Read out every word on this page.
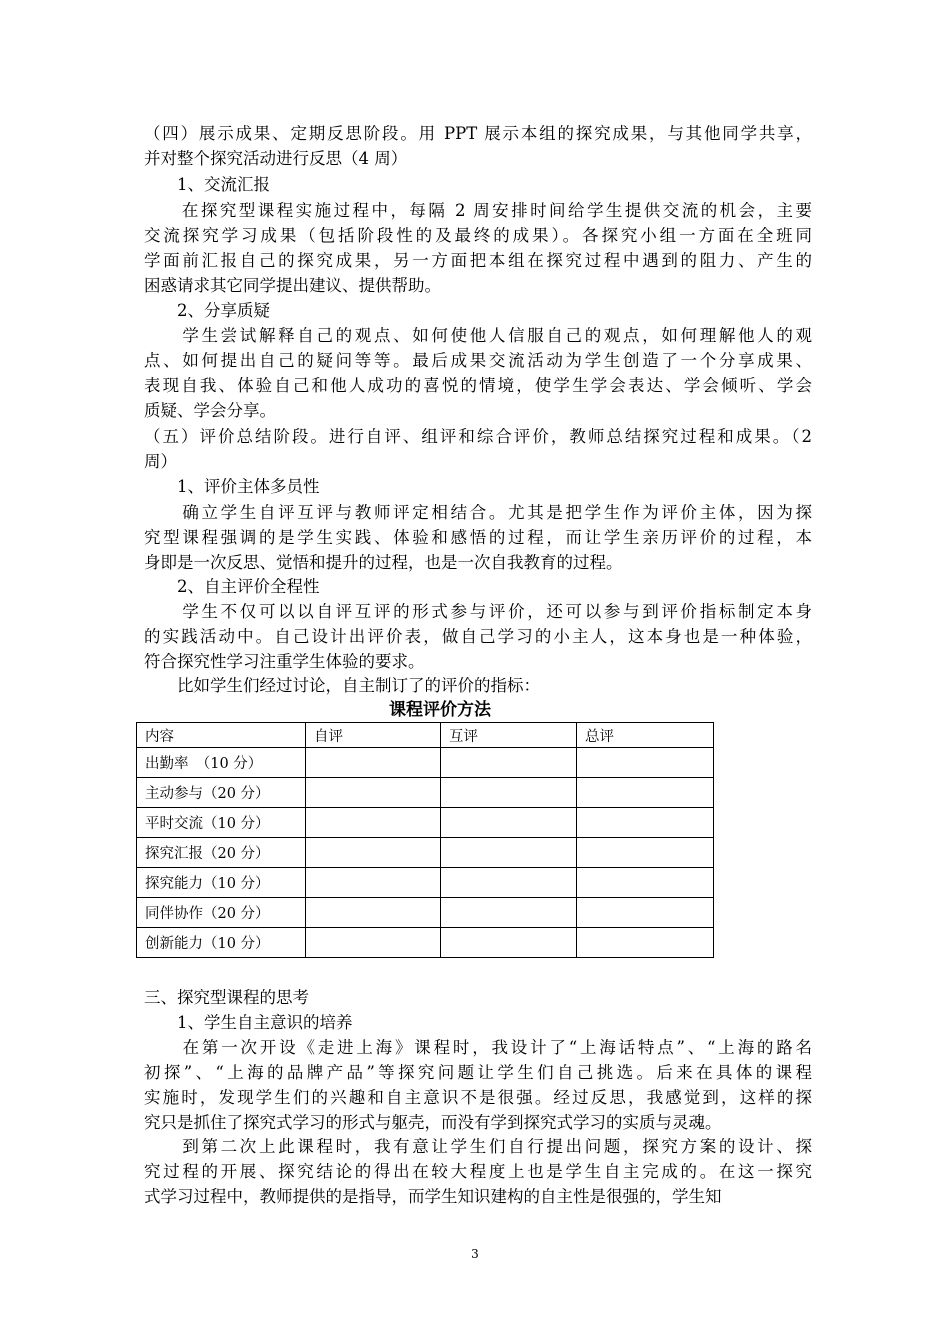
（四）展示成果、定期反思阶段。用 PPT 展示本组的探究成果，与其他同学共享，
并对整个探究活动进行反思（4 周）
　　1、交流汇报
　　在探究型课程实施过程中，每隔 2 周安排时间给学生提供交流的机会，主要
交流探究学习成果（包括阶段性的及最终的成果）。各探究小组一方面在全班同
学面前汇报自己的探究成果，另一方面把本组在探究过程中遇到的阻力、产生的
困惑请求其它同学提出建议、提供帮助。
　　2、分享质疑
　　学生尝试解释自己的观点、如何使他人信服自己的观点，如何理解他人的观
点、如何提出自己的疑问等等。最后成果交流活动为学生创造了一个分享成果、
表现自我、体验自己和他人成功的喜悦的情境，使学生学会表达、学会倾听、学会
质疑、学会分享。
（五）评价总结阶段。进行自评、组评和综合评价，教师总结探究过程和成果。（2
周）
　　1、评价主体多员性
　　确立学生自评互评与教师评定相结合。尤其是把学生作为评价主体，因为探
究型课程强调的是学生实践、体验和感悟的过程，而让学生亲历评价的过程，本
身即是一次反思、觉悟和提升的过程，也是一次自我教育的过程。
　　2、自主评价全程性
　　学生不仅可以以自评互评的形式参与评价，还可以参与到评价指标制定本身
的实践活动中。自己设计出评价表，做自己学习的小主人，这本身也是一种体验，
符合探究性学习注重学生体验的要求。
　　比如学生们经过讨论，自主制订了的评价的指标：
三、探究型课程的思考
　　1、学生自主意识的培养
　　在第一次开设《走进上海》课程时，我设计了“上海话特点”、“上海的路名
初探”、“上海的品牌产品”等探究问题让学生们自己挑选。后来在具体的课程
实施时，发现学生们的兴趣和自主意识不是很强。经过反思，我感觉到，这样的探
究只是抓住了探究式学习的形式与躯壳，而没有学到探究式学习的实质与灵魂。
　　到第二次上此课程时，我有意让学生们自行提出问题，探究方案的设计、探
究过程的开展、探究结论的得出在较大程度上也是学生自主完成的。在这一探究
式学习过程中，教师提供的是指导，而学生知识建构的自主性是很强的，学生知
课程评价方法
内容	自评	互评	总评
出勤率　（10 分）			
主动参与（20 分）			
平时交流（10 分）			
探究汇报（20 分）			
探究能力（10 分）			
同伴协作（20 分）			
创新能力（10 分）			
3
